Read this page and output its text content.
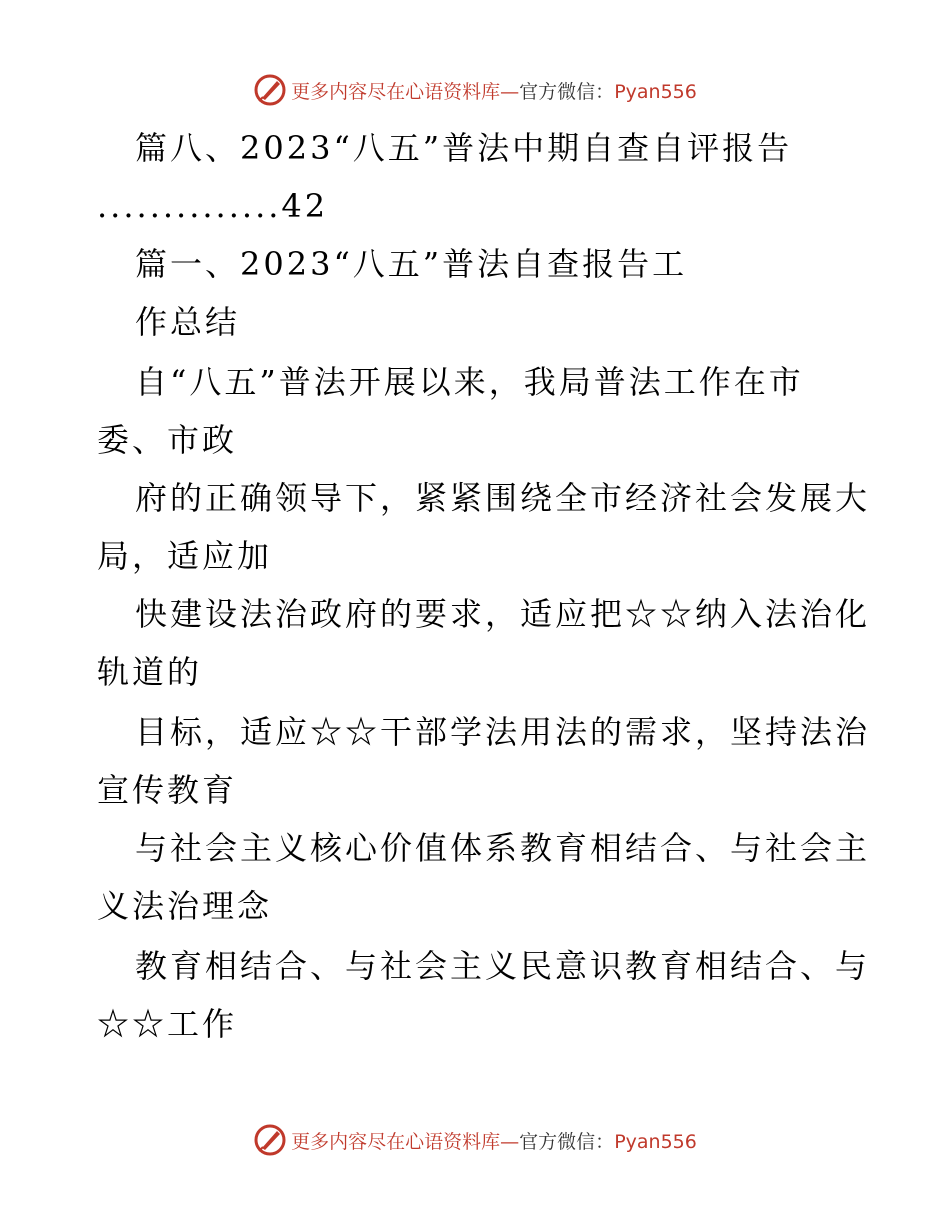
更多内容尽在心语资料库—官方微信：Pyan556
篇八、2023“八五”普法中期自查自评报告
..............42
篇一、2023“八五”普法自查报告工
作总结
自“八五”普法开展以来，我局普法工作在市
委、市政
府的正确领导下，紧紧围绕全市经济社会发展大
局，适应加
快建设法治政府的要求，适应把☆☆纳入法治化
轨道的
目标，适应☆☆干部学法用法的需求，坚持法治
宣传教育
与社会主义核心价值体系教育相结合、与社会主
义法治理念
教育相结合、与社会主义民意识教育相结合、与
☆☆工作
更多内容尽在心语资料库—官方微信：Pyan556
